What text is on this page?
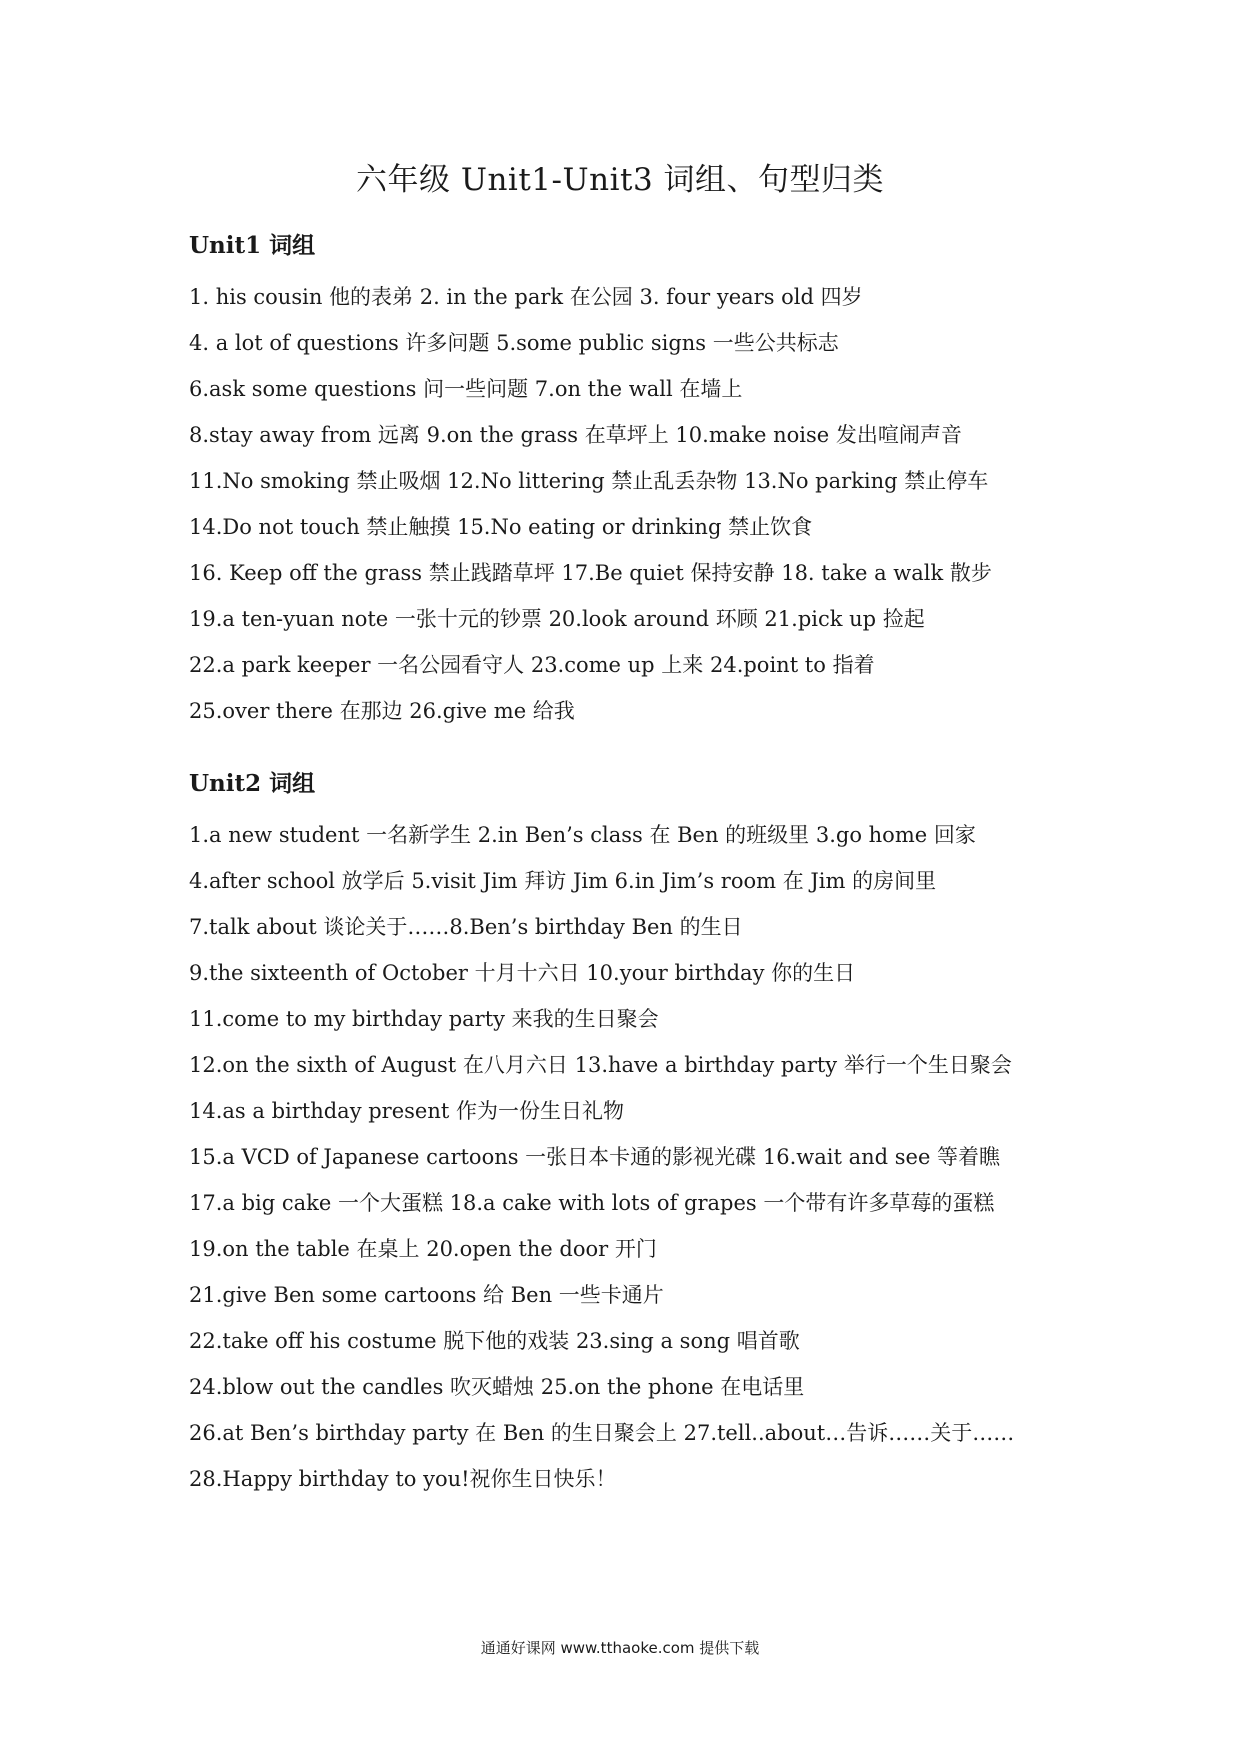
六年级 Unit1-Unit3 词组、句型归类
Unit1 词组
1. his cousin 他的表弟 2. in the park 在公园 3. four years old 四岁
4. a lot of questions 许多问题 5.some public signs 一些公共标志
6.ask some questions 问一些问题 7.on the wall 在墙上
8.stay away from 远离 9.on the grass 在草坪上 10.make noise 发出喧闹声音
11.No smoking 禁止吸烟 12.No littering 禁止乱丢杂物 13.No parking 禁止停车
14.Do not touch 禁止触摸 15.No eating or drinking 禁止饮食
16. Keep off the grass 禁止践踏草坪 17.Be quiet 保持安静 18. take a walk 散步
19.a ten-yuan note 一张十元的钞票 20.look around 环顾 21.pick up 捡起
22.a park keeper 一名公园看守人 23.come up 上来 24.point to 指着
25.over there 在那边 26.give me 给我
Unit2 词组
1.a new student 一名新学生 2.in Ben’s class 在 Ben 的班级里 3.go home 回家
4.after school 放学后 5.visit Jim 拜访 Jim 6.in Jim’s room 在 Jim 的房间里
7.talk about 谈论关于……8.Ben’s birthday Ben 的生日
9.the sixteenth of October 十月十六日 10.your birthday 你的生日
11.come to my birthday party 来我的生日聚会
12.on the sixth of August 在八月六日 13.have a birthday party 举行一个生日聚会
14.as a birthday present 作为一份生日礼物
15.a VCD of Japanese cartoons 一张日本卡通的影视光碟 16.wait and see 等着瞧
17.a big cake 一个大蛋糕 18.a cake with lots of grapes 一个带有许多草莓的蛋糕
19.on the table 在桌上 20.open the door 开门
21.give Ben some cartoons 给 Ben 一些卡通片
22.take off his costume 脱下他的戏装 23.sing a song 唱首歌
24.blow out the candles 吹灭蜡烛 25.on the phone 在电话里
26.at Ben’s birthday party 在 Ben 的生日聚会上 27.tell..about…告诉……关于……
28.Happy birthday to you!祝你生日快乐！
通通好课网 www.tthaoke.com 提供下载
